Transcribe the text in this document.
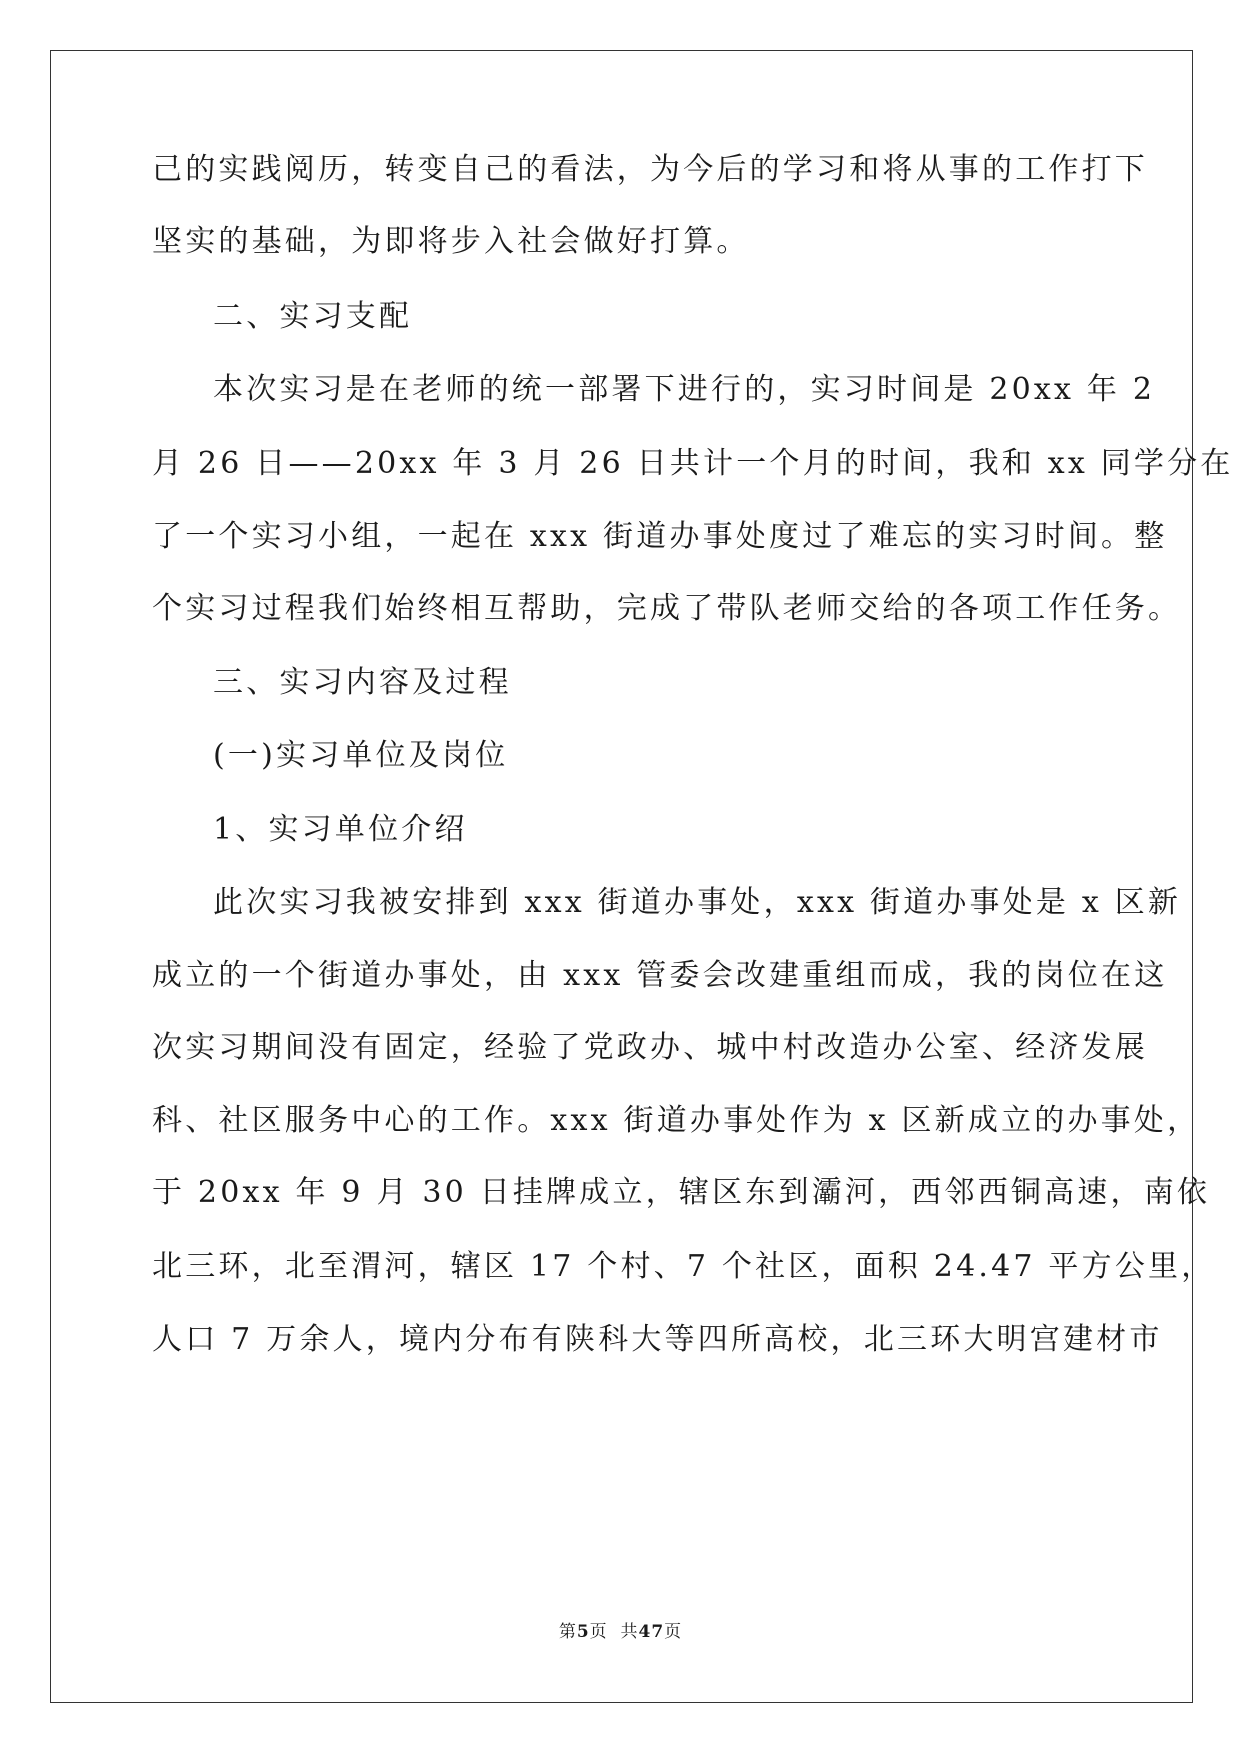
己的实践阅历，转变自己的看法，为今后的学习和将从事的工作打下
坚实的基础，为即将步入社会做好打算。
二、实习支配
本次实习是在老师的统一部署下进行的，实习时间是 20xx 年 2
月 26 日——20xx 年 3 月 26 日共计一个月的时间，我和 xx 同学分在
了一个实习小组，一起在 xxx 街道办事处度过了难忘的实习时间。整
个实习过程我们始终相互帮助，完成了带队老师交给的各项工作任务。
三、实习内容及过程
(一)实习单位及岗位
1、实习单位介绍
此次实习我被安排到 xxx 街道办事处，xxx 街道办事处是 x 区新
成立的一个街道办事处，由 xxx 管委会改建重组而成，我的岗位在这
次实习期间没有固定，经验了党政办、城中村改造办公室、经济发展
科、社区服务中心的工作。xxx 街道办事处作为 x 区新成立的办事处，
于 20xx 年 9 月 30 日挂牌成立，辖区东到灞河，西邻西铜高速，南依
北三环，北至渭河，辖区 17 个村、7 个社区，面积 24.47 平方公里，
人口 7 万余人，境内分布有陕科大等四所高校，北三环大明宫建材市
第5页  共47页
